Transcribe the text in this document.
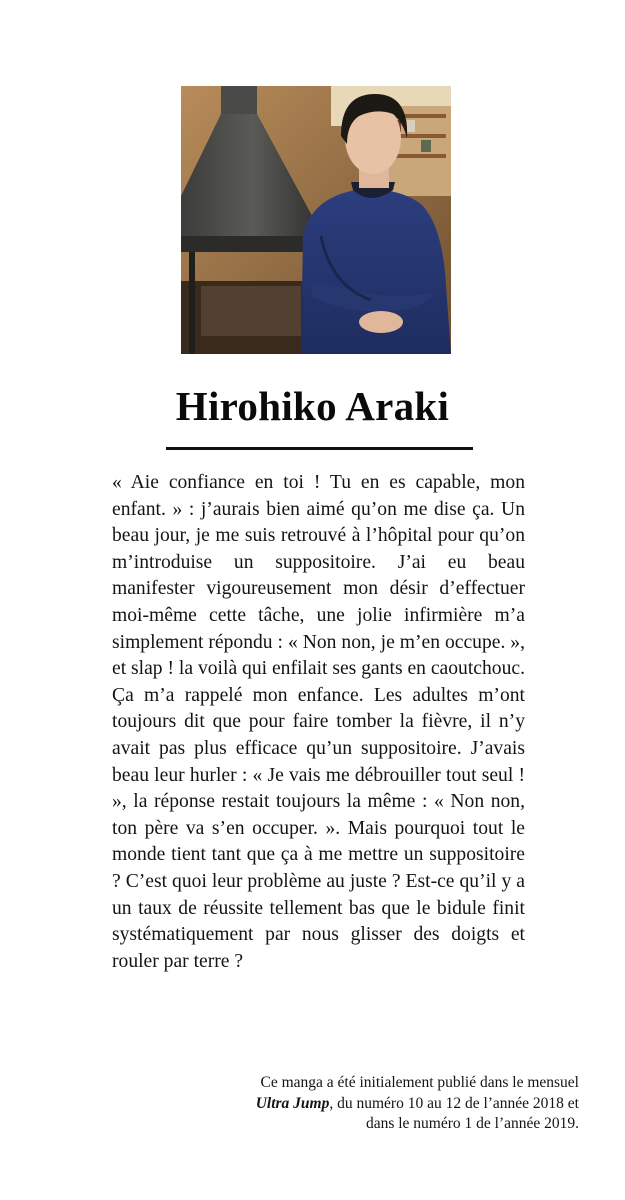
Hirohiko Araki

« Aie confiance en toi ! Tu en es capable, mon enfant. » : j’aurais bien aimé qu’on me dise ça. Un beau jour, je me suis retrouvé à l’hôpital pour qu’on m’introduise un suppositoire. J’ai eu beau manifester vigoureusement mon désir d’effectuer moi-même cette tâche, une jolie infirmière m’a simplement répondu : « Non non, je m’en occupe. », et slap ! la voilà qui enfilait ses gants en caoutchouc.

Ça m’a rappelé mon enfance. Les adultes m’ont toujours dit que pour faire tomber la fièvre, il n’y avait pas plus efficace qu’un suppositoire. J’avais beau leur hurler : « Je vais me débrouiller tout seul ! », la réponse restait toujours la même : « Non non, ton père va s’en occuper. ». Mais pourquoi tout le monde tient tant que ça à me mettre un suppositoire ? C’est quoi leur problème au juste ? Est-ce qu’il y a un taux de réussite tellement bas que le bidule finit systématiquement par nous glisser des doigts et rouler par terre ?

Ce manga a été initialement publié dans le mensuel Ultra Jump, du numéro 10 au 12 de l’année 2018 et dans le numéro 1 de l’année 2019.
